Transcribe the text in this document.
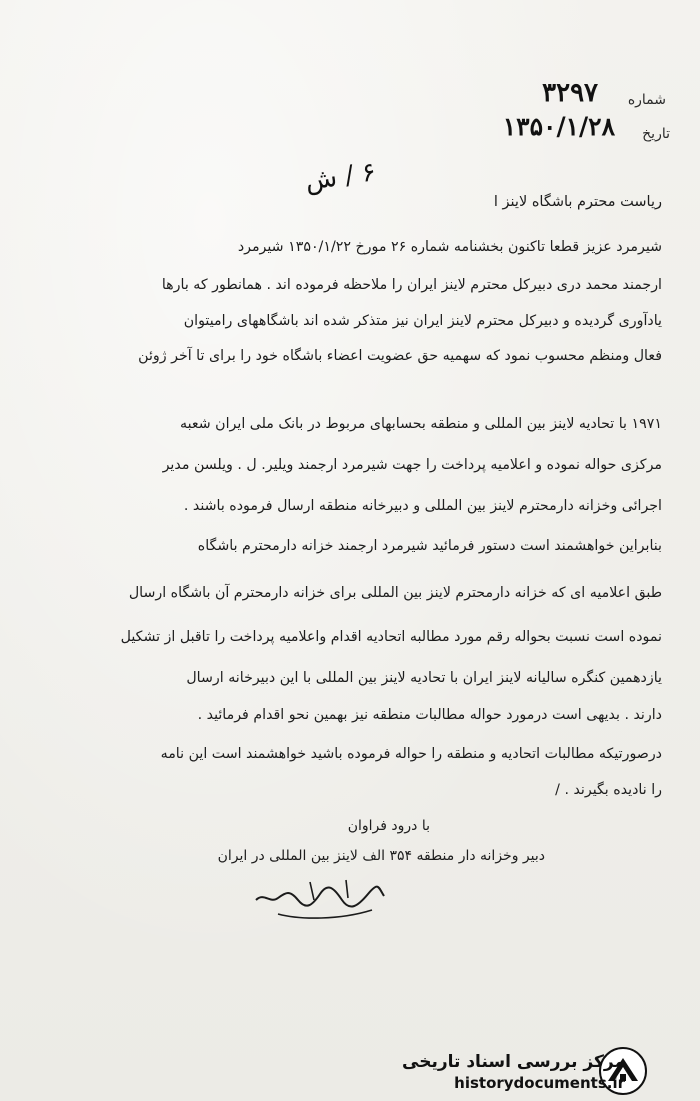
شماره
۳۲۹۷
تاریخ
۱۳۵۰/۱/۲۸
۶ / ش
ریاست محترم باشگاه لاینز ا
شیرمرد عزیز قطعا تاکنون بخشنامه شماره ۲۶ مورخ ۱۳۵۰/۱/۲۲ شیرمرد
ارجمند محمد دری دبیرکل محترم لاینز ایران را ملاحظه فرموده اند . همانطور که بارها
یادآوری گردیده و دبیرکل محترم لاینز ایران نیز متذکر شده اند باشگاههای رامیتوان
فعال ومنظم محسوب نمود که سهمیه حق عضویت اعضاء باشگاه خود را برای تا آخر ژوئن
۱۹۷۱ با تحادیه لاینز بین المللی و منطقه بحسابهای مربوط در بانک ملی ایران شعبه
مرکزی حواله نموده و اعلامیه پرداخت را جهت شیرمرد ارجمند ویلیر. ل . ویلسن مدیر
اجرائی وخزانه دارمحترم لاینز بین المللی و دبیرخانه منطقه ارسال فرموده باشند .
بنابراین خواهشمند است دستور فرمائید شیرمرد ارجمند خزانه دارمحترم باشگاه
طبق اعلامیه ای که خزانه دارمحترم لاینز بین المللی برای خزانه دارمحترم آن باشگاه ارسال
نموده است نسبت بحواله رقم مورد مطالبه اتحادیه اقدام واعلامیه پرداخت را تاقبل از تشکیل
یازدهمین کنگره سالیانه لاینز ایران با تحادیه لاینز بین المللی با این دبیرخانه ارسال
دارند . بدیهی است درمورد حواله مطالبات منطقه نیز بهمین نحو اقدام فرمائید .
درصورتیکه مطالبات اتحادیه و منطقه را حواله فرموده باشید خواهشمند است این نامه
را نادیده بگیرند . /
با درود فراوان
دبیر وخزانه دار منطقه ۳۵۴ الف لاینز بین المللی در ایران
مرکز بررسی اسناد تاریخی
historydocuments.ir
